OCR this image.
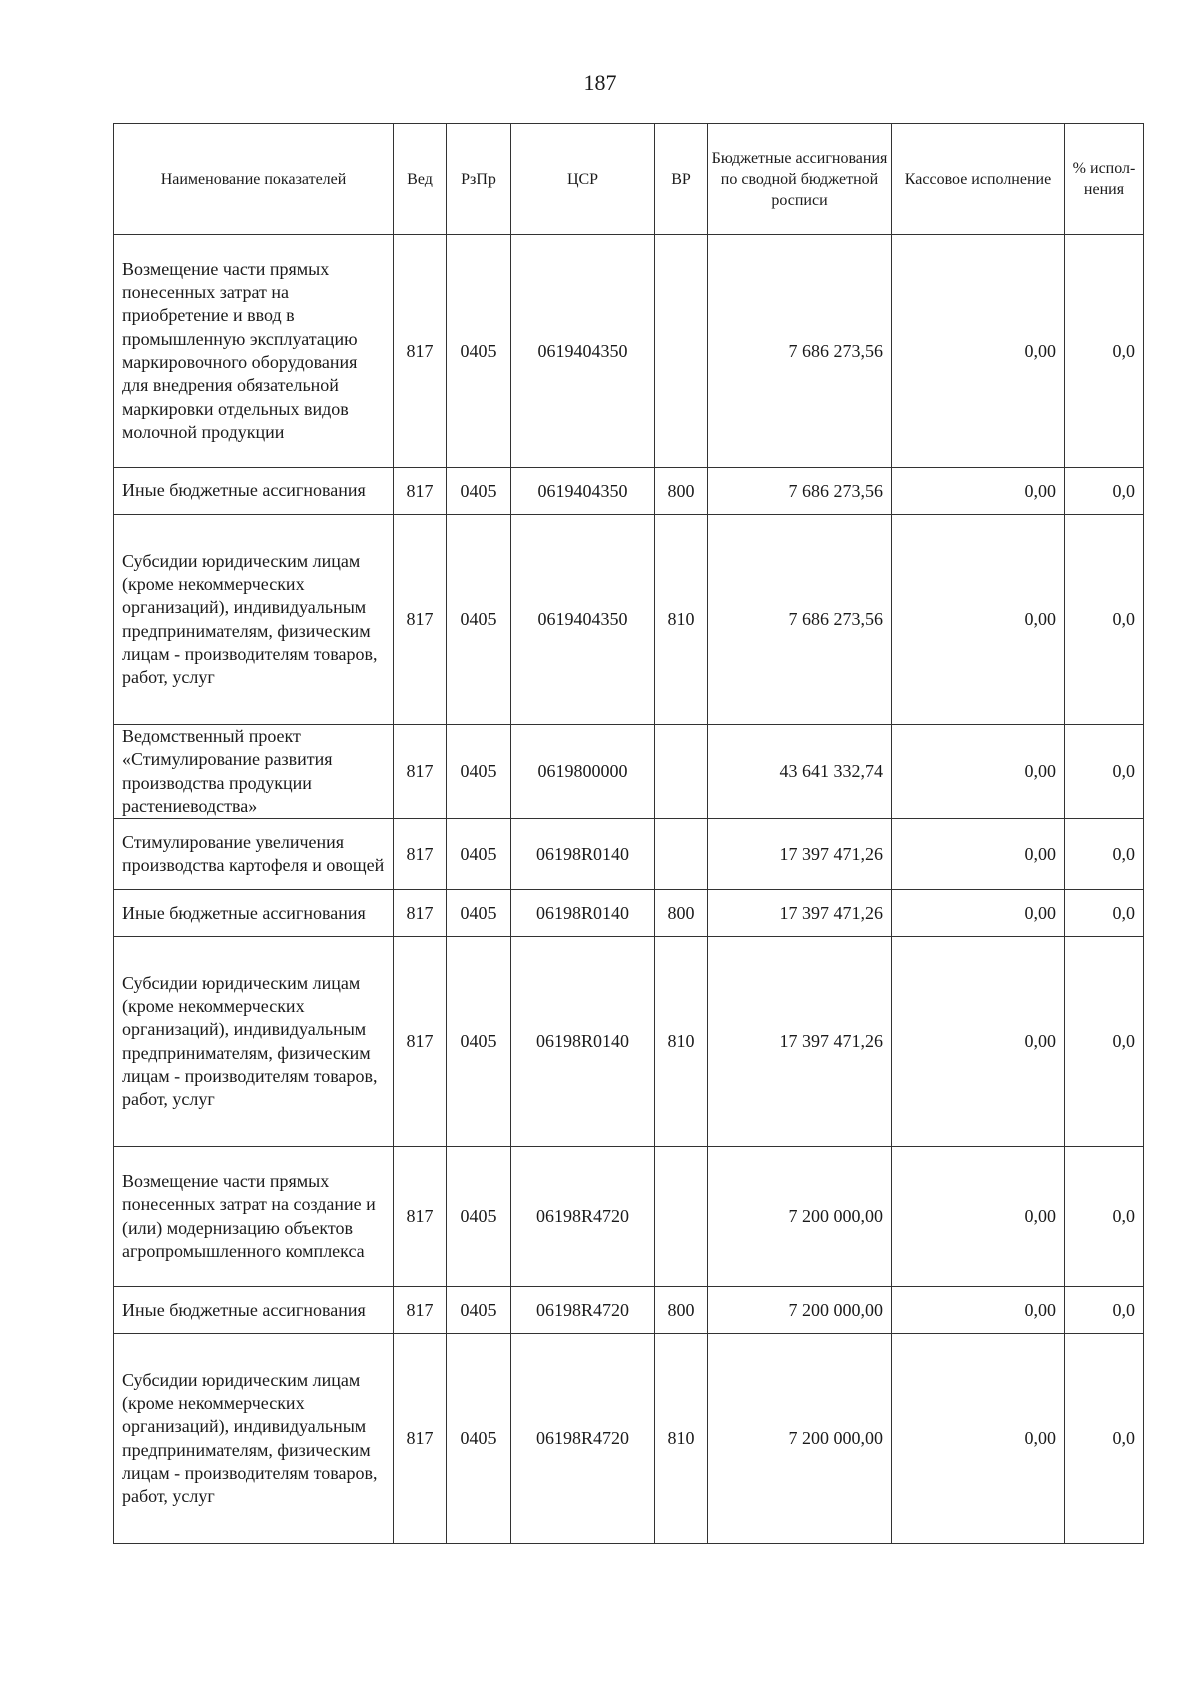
187
Наименование показателей	Вед	РзПр	ЦСР	ВР	Бюджетные ассигнования по сводной бюджетной росписи	Кассовое исполнение	% испол- нения
Возмещение части прямых понесенных затрат на приобретение и ввод в промышленную эксплуатацию маркировочного оборудования для внедрения обязательной маркировки отдельных видов молочной продукции	817	0405	0619404350		7 686 273,56	0,00	0,0
Иные бюджетные ассигнования	817	0405	0619404350	800	7 686 273,56	0,00	0,0
Субсидии юридическим лицам (кроме некоммерческих организаций), индивидуальным предпринимателям, физическим лицам - производителям товаров, работ, услуг	817	0405	0619404350	810	7 686 273,56	0,00	0,0
Ведомственный проект «Стимулирование развития производства продукции растениеводства»	817	0405	0619800000		43 641 332,74	0,00	0,0
Стимулирование увеличения производства картофеля и овощей	817	0405	06198R0140		17 397 471,26	0,00	0,0
Иные бюджетные ассигнования	817	0405	06198R0140	800	17 397 471,26	0,00	0,0
Субсидии юридическим лицам (кроме некоммерческих организаций), индивидуальным предпринимателям, физическим лицам - производителям товаров, работ, услуг	817	0405	06198R0140	810	17 397 471,26	0,00	0,0
Возмещение части прямых понесенных затрат на создание и (или) модернизацию объектов агропромышленного комплекса	817	0405	06198R4720		7 200 000,00	0,00	0,0
Иные бюджетные ассигнования	817	0405	06198R4720	800	7 200 000,00	0,00	0,0
Субсидии юридическим лицам (кроме некоммерческих организаций), индивидуальным предпринимателям, физическим лицам - производителям товаров, работ, услуг	817	0405	06198R4720	810	7 200 000,00	0,00	0,0
